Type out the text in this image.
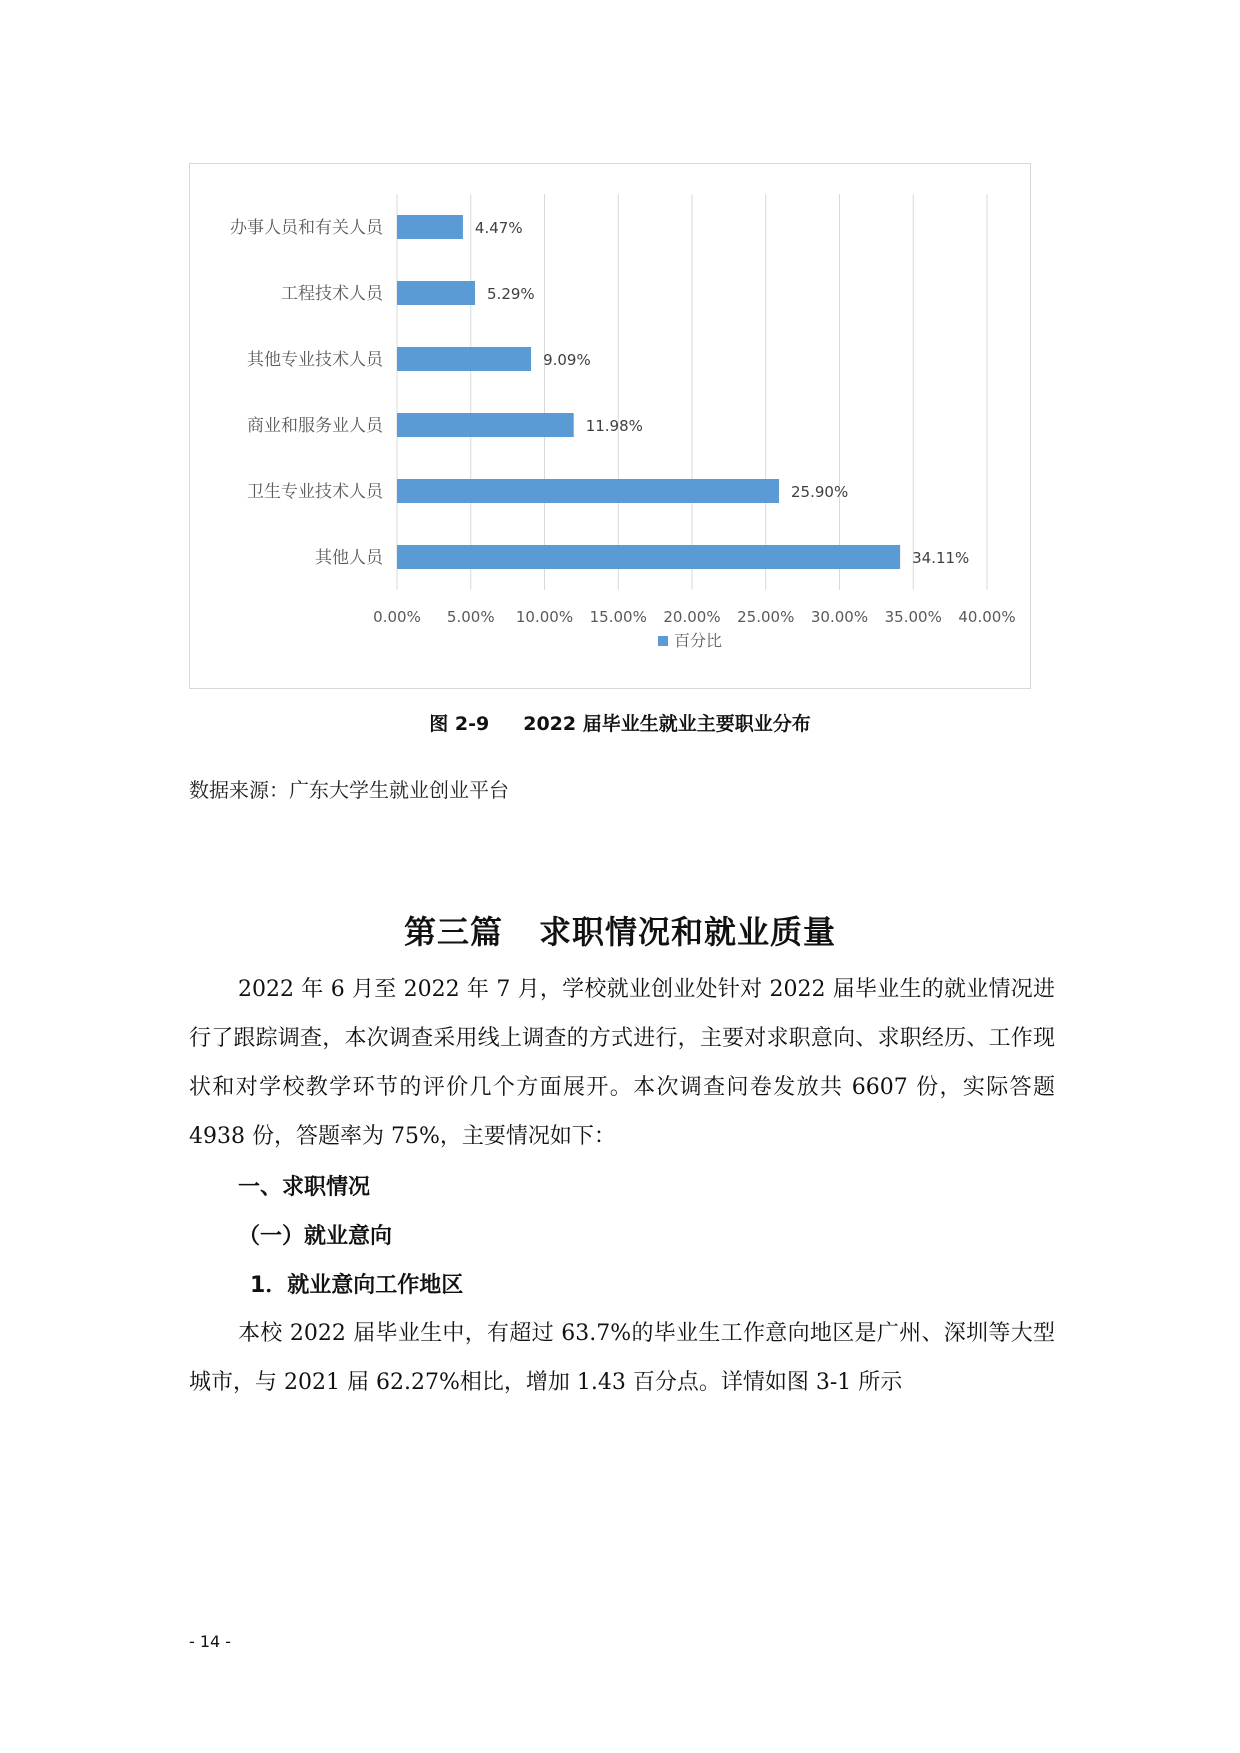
0.00% 5.00% 10.00% 15.00% 20.00% 25.00% 30.00% 35.00% 40.00%
办事人员和有关人员	4.47%
工程技术人员	5.29%
其他专业技术人员	9.09%
商业和服务业人员	11.98%
卫生专业技术人员	25.90%
其他人员	34.11%
百分比
图 2-9 2022 届毕业生就业主要职业分布
数据来源：广东大学生就业创业平台
第三篇 求职情况和就业质量

2022 年 6 月至 2022 年 7 月，学校就业创业处针对 2022 届毕业生的就业情况进行了跟踪调查，本次调查采用线上调查的方式进行，主要对求职意向、求职经历、工作现状和对学校教学环节的评价几个方面展开。本次调查问卷发放共 6607 份，实际答题 4938 份，答题率为 75%，主要情况如下：

一、求职情况

（一）就业意向

1．就业意向工作地区

本校 2022 届毕业生中，有超过 63.7%的毕业生工作意向地区是广州、深圳等大型城市，与 2021 届 62.27%相比，增加 1.43 百分点。详情如图 3-1 所示

- 14 -
